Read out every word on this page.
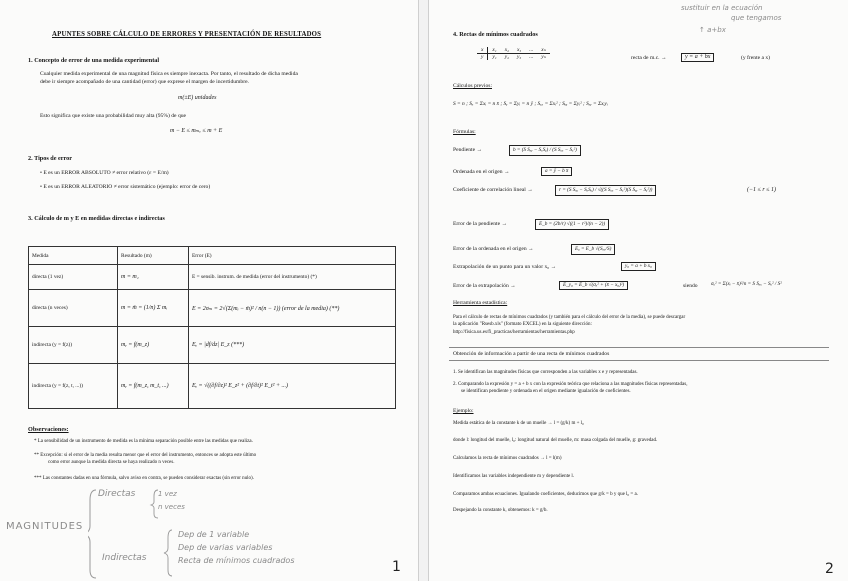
APUNTES SOBRE CÁLCULO DE ERRORES Y PRESENTACIÓN DE RESULTADOS
1. Concepto de error de una medida experimental
Cualquier medida experimental de una magnitud física es siempre inexacta. Por tanto, el resultado de dicha medida
debe ir siempre acompañado de una cantidad (error) que exprese el margen de incertidumbre.
m(±E) unidades
Esto significa que existe una probabilidad muy alta (95%) de que
m − E ≤ mₘₑ ≤ m + E
2. Tipos de error
• E es un ERROR ABSOLUTO ≠ error relativo (ε = E/m)
• E es un ERROR ALEATORIO ≠ error sistemático (ejemplo: error de cero)
3. Cálculo de m y E en medidas directas e indirectas
Medida	Resultado (m)	Error (E)
directa (1 vez)	m = m₁	E = sensib. instrum. de medida (error del instrumento) (*)
directa (n veces)	m = m̄ = (1/n) Σ mᵢ	E = 2σₘ = 2√(Σ(mᵢ − m̄)² / n(n − 1)) (error de la media) (**)
indirecta (y = f(z))	mᵧ = f(m_z)	Eᵧ = |df/dz| E_z (***)
indirecta (y = f(z, t, ...))	mᵧ = f(m_z, m_t, ...)	Eᵧ = √((∂f/∂z)² E_z² + (∂f/∂t)² E_t² + ...)
Observaciones:
* La sensibilidad de un instrumento de medida es la mínima separación posible entre las medidas que realiza.
** Excepción: si el error de la media resulta menor que el error del instrumento, entonces se adopta este último
como error aunque la medida directa se haya realizado n veces.
*** Las constantes dadas en una fórmula, salvo aviso en contra, se pueden considerar exactas (sin error nulo).
Directas	1 vez
n veces
MAGNITUDES
Indirectas
Dep de 1 variable
Dep de varias variables
Recta de mínimos cuadrados	1
sustituir en la ecuación
que tengamos
↑ a+bx
4. Rectas de mínimos cuadrados
x	x₁	x₂	x₃	...	xₙ
y	y₁	y₂	y₃	...	yₙ	recta de m.c. →	y = a + bx	(y frente a x)
Cálculos previos:
S = n ; Sₓ = Σxᵢ = n x̄ ; Sᵧ = Σyᵢ = n ȳ ; Sₓₓ = Σxᵢ² ; Sᵧᵧ = Σyᵢ² ; Sₓᵧ = Σxᵢyᵢ
Fórmulas:
Pendiente →	b = (S Sₓᵧ − SₓSᵧ) / (S Sₓₓ − Sₓ²)
Ordenada en el origen →	a = ȳ − b x̄
Coeficiente de correlación lineal →	r = (S Sₓᵧ − SₓSᵧ) / √((S Sₓₓ − Sₓ²)(S Sᵧᵧ − Sᵧ²))	(−1 ≤ r ≤ 1)
Error de la pendiente →	E_b = (2b/r) √((1 − r²)/(n − 2))
Error de la ordenada en el origen →	Eₐ = E_b √(Sₓₓ/S)
Extrapolación de un punto para un valor x₀ →	y₀ = a + b x₀
Error de la extrapolación →	E_y₀ = E_b √(σₓ² + (x̄ − x₀)²)	siendo	σₓ² = Σ(xᵢ − x̄)²/n = S Sₓₓ − Sₓ² / S²
Herramienta estadística:
Para el cálculo de rectas de mínimos cuadrados (y también para el cálculo del error de la media), se puede descargar
la aplicación "Rsesb.xls" (formato EXCEL) en la siguiente dirección:
http://fisica.us.es/fi_practicas/herramientas/herramientas.php
Obtención de información a partir de una recta de mínimos cuadrados
1. Se identifican las magnitudes físicas que corresponden a las variables x e y representadas.
2. Comparando la expresión y = a + b x con la expresión teórica que relaciona a las magnitudes físicas representadas,
se identifican pendiente y ordenada en el origen mediante igualación de coeficientes.
Ejemplo:
Medida estática de la constante k de un muelle → l = (g/k) m + l₀
donde l: longitud del muelle, l₀: longitud natural del muelle, m: masa colgada del muelle, g: gravedad.
Calculamos la recta de mínimos cuadrados → l = l(m)
Identificamos las variables independiente m y dependiente l.
Comparamos ambas ecuaciones. Igualando coeficientes, deducimos que g/k = b y que l₀ = a.
Despejando la constante k, obtenemos: k = g/b.
2
